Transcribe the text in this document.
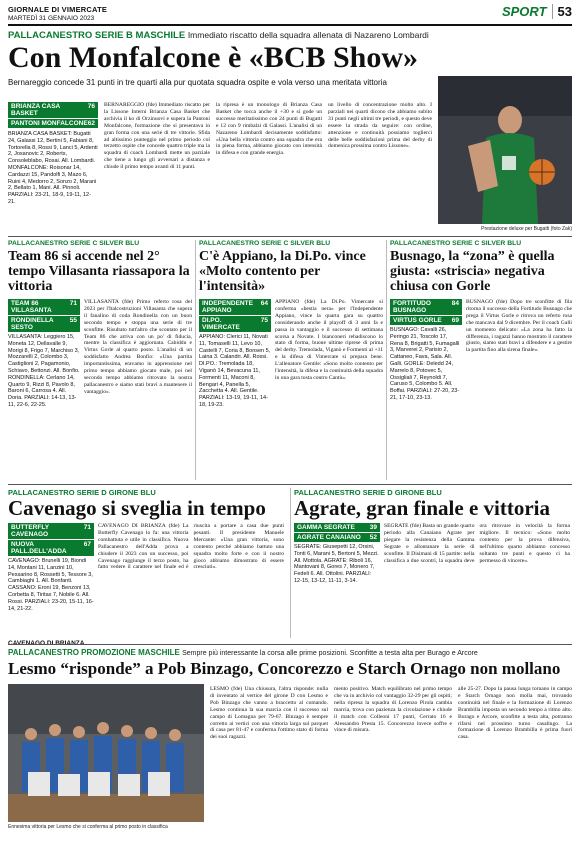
GIORNALE DI VIMERCATE
MARTEDÌ 31 GENNAIO 2023	SPORT 53
PALLACANESTRO SERIE B MASCHILE Immediato riscatto della squadra allenata di Nazareno Lombardi
Con Monfalcone è «BCB Show»
Bernareggio concede 31 punti in tre quarti alla pur quotata squadra ospite e vola verso una meritata vittoria
BRIANZA CASA BASKET
76
PANTONI MONFALCONE 62
BRIANZA CASA BASKET: Bugatti 24, Galassi 12, Bertini 5, Fabiani 8, Tortorella 8, Rossi 9, Lanci 5, Ardenti 2, Josanovic 2, Roberts, Consoleblabo, Rosai. All. Lombardi. MONFALCONE: Roisonar 14, Cardazzi 15, Pandolfi 3, Mazo 6, Ruini 4, Medorro 2, Sonzo 2, Marani 2, Bellato 1, Mani. All. Pinnoli. PARZIALI: 23-21, 18-9, 19-11, 12-21.
BERNAREGGIO (fde) Immediato riscatto per la Lissone Interni Brianza Casa Basket che archivia il ko di Orzinuovi e supera la Pantoni Monfalcone, formazione che si presentava in gran forma con una serie di tre vittorie. Sfida ad altissimo punteggio nel primo periodo col terzetto ospite che concede quattro triple ma la squadra di coach Lombardi mette un parziale che tiene a lungo gli avversari a distanza e chiude il primo tempo avanti di 11 punti.
la ripresa è un monologo di Brianza Casa Basket che tocca anche il +30 e si gode un successo meritatissimo con 24 punti di Bugatti e 12 con 9 rimbalzi di Galassi. L'analisi di un Nazareno Lombardi decisamente soddisfatto: «Una bella vittoria contro una squadra che era in piena forma, abbiamo giocato con intensità in difesa e con grande energia.
un livello di concentrazione molto alto. I parziali nei quarti dicono che abbiamo subito 31 punti negli ultimi tre periodi, e questo deve essere la strada da seguire: con ordine, attenzione e continuità possiamo toglierci delle belle soddisfazioni prima del derby di domenica prossima contro Lissone».
Prestazione deluxe per Bugatti (foto Zak)
PALLACANESTRO SERIE C SILVER BLU
Team 86 si accende nel 2° tempo Villasanta riassapora la vittoria
TEAM 86 VILLASANTA
71
RONDINELLA SESTO
55
VILLASANTA: Leggiero 15, Moneta 12, Dellavalle 9, Morigi 8, Frigo 7, Marchiso 3, Mozzarelli 2, Colombo 3, Castiglioni 2, Pagamonio, Schiavo, Bettonzi. All. Bonfio. RONDINELLA: Cerlano 14, Quarto 9, Rizzi 8, Pavolo 8, Baroni 6, Carrosa 4. All. Doria. PARZIALI: 14-13, 13-11, 22-6, 22-25.
VILLASANTA (fde) Primo referto rosa del 2023 per l'Italcostruzioni Villasanta che supera il fanalino di coda Rondinella con un buon secondo tempo e stoppa una serie di tre sconfitte. Risultato tutt'altro che scontato per il Team 86 che arriva con un po' di fiducia, mentre la classifica è aggiornata. Cabiddu e Virtus Gorle al quarto posto. L'analisi di un soddisfatto Andrea Bonfio: «Una partita importantissima, eravamo in apprensione nel primo tempo abbiamo giocato male, poi nel secondo tempo abbiamo ritrovato la nostra pallacanestro e siamo stati bravi a mantenere il vantaggio».
PALLACANESTRO SERIE C SILVER BLU
C'è Appiano, la Di.Po. vince «Molto contento per l'intensità»
INDEPENDENTE APPIANO
64
DI.PO. VIMERCATE
75
APPIANO: Clerici 11, Novati 11, Tomaselli 11, Levo 10, Castelli 7, Coria 8, Bonsen 5, Laina 3. Calandri. All. Rossi. DI.PO.: Tremolada 18, Viganò 14, Bevacuna 11, Formenti 11, Maconi 8, Bengari 4, Panella 5, Zacchetta 4. All. Gentile. PARZIALI: 13-19, 19-11, 14-18, 19-23.
APPIANO (fde) La Di.Po. Vimercate si conferma «bestia nera» per l'Independente Appiano, vince la quarta gara su quattro considerando anche il playoff di 3 anni fa e passa in vantaggio e il successo di settimana scorsa a Novate. I bianconeri rebadiscono lo stato di forma, buone ultime riprese di prima del derby. Tremolada, Viganò e Formenti al +11 e la difesa di Vimercate si prepara bene. L'allenatore Gentile: «Sono molto contento per l'intensità, la difesa e la continuità della squadra in una gara tosta contro Cantù».
PALLACANESTRO SERIE C SILVER BLU
Busnago, la “zona” è quella giusta: «striscia» negativa chiusa con Gorle
FORTITUDO BUSNAGO
84
VIRTUS GORLE 69
BUSNAGO: Cavalli 26, Peringo 21, Toscolo 17, Rena 8, Brigatti 5, Fumagalli 3, Marverei 2, Parisio 2, Cattaneo, Fava, Sala. All. Galli. GORLE: Deledd 24, Marrelo 8, Potovec 5, Ossigliali 7, Reynoldi 7, Caruso 5, Colombo 5. All. Boffai. PARZIALI: 27-20, 23-21, 17-10, 23-13.
BUSNAGO (fde) Dopo tre sconfitte di fila ritorna il successo della Fortitudo Busnago che prega il Virtus Gorle e ritrova un referto rosa che mancava dal 9 dicembre. Per il coach Galli un momento delicato: «La zona ha fatto la differenza, i ragazzi hanno mostrato il carattere giusto, siamo stati bravi a difendere e a gestire la partita fino alla sirena finale».
PALLACANESTRO SERIE D GIRONE BLU
Cavenago si sveglia in tempo
BUTTERFLY CAVENAGO
71
NUOVA PALL.DELL'ADDA
67
CAVENAGO: Brunelli 19, Biondi 14, Montani 11, Lanzini 10, Pessarino 8, Rossetti 5, Tessore 3, Cambiaghi 1. All. Bonfanti. CASSANO: Eroni 19, Benzoni 13, Corbetta 8, Tiritas 7, Nobile 6. All. Rossi. PARZIALI: 23-20, 15-11, 16-14, 21-22.
CAVENAGO DI BRIANZA (fde) La Butterfly Cavenago lo fa: una vittoria combattuta e utile in classifica. Nuova Pallacanestro dell'Adda prova a chiudere il 2023 con un successo, poi Cavenago raggiunge il terzo posto, ha fatto vedere il carattere nel finale ed è riuscita a portare a casa due punti pesanti. Il presidente Manuele Mercante: «Una gran vittoria, sono contento perché abbiamo battuto una squadra molto forte e con il nostro gioco abbiamo dimostrato di essere cresciuti».
PALLACANESTRO SERIE D GIRONE BLU
Agrate, gran finale e vittoria
GAMMA SEGRATE 39
AGRATE CANAIANO 52
SEGRATE: Giusepetti 12, Orsini, Tonti 6, Marani 5, Bertoni 5, Mezzi. All. Mottola. AGRATE: Riboli 16, Mantovani 8, Gores 7, Monero 7, Fedeli 6. All. Ottolini. PARZIALI: 12-15, 13-12, 11-11, 3-14.
SEGRATE (fde) Basta un grande quarto periodo alla Canaiano Agrate per piegare la resistenza della Gamma Segrate e allontanare la serie di sconfitte. Il Disimani di 15 partite: nella classifica a due scontri, la squadra deve ora ritrovare in velocità la forma migliore. Il tecnico: «Sono molto contento per la prova difensiva, nell'ultimo quarto abbiamo concesso soltanto tre punti e questo ci ha permesso di vincere».
PALLACANESTRO PROMOZIONE MASCHILE Sempre più interessante la corsa alle prime posizioni. Sconfitte a testa alta per Burago e Arcore
Lesmo “risponde” a Pob Binzago, Concorezzo e Starch Ornago non mollano
Ennesima vittoria per Lesmo che si conferma al primo posto in classifica
LESMO (fde) Una chiusura, l'altra risponde: nulla di inventato al vertice del girone D con Lesmo e Pob Binzago che vanno a braccetto al comando. Lesmo continua la sua marcia con il successo sul campo di Lomagna per 79-67. Binzago è sempre corretto ai vertici con una vittoria larga sul parquet di casa per 81-47 e conferma l'ottimo stato di forma dei suoi ragazzi.
mento positivo. Match equilibrato nel primo tempo che va in archivio col vantaggio 32-29 per gli ospiti; nella ripresa la squadra di Lorenzo Pirola cambia marcia, trova con pazienza la circolazione e chiude il match con Colleoni 17 punti, Cerrato 16 e Alessandro Presta 15. Concorezzo invece soffre e vince di misura.
alle 25-27. Dopo la pausa lunga tornano in campo e Starch Ornago non molla mai, trovando continuità nel finale e la formazione di Lorenzo Brambilla imposta un secondo tempo a ritmo alto. Burago e Arcore, sconfitte a testa alta, potranno rifarsi nel prossimo turno casalingo. La formazione di Lorenzo Brambilla è prima fuori casa.
